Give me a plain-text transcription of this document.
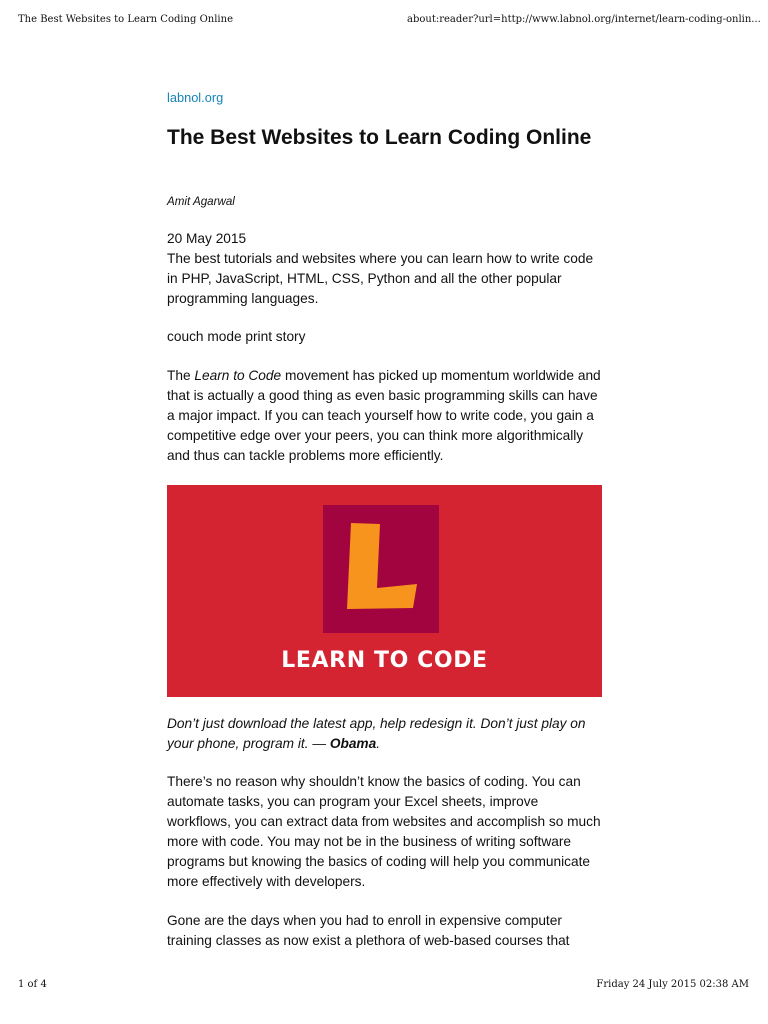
The Best Websites to Learn Coding Online	about:reader?url=http://www.labnol.org/internet/learn-coding-onlin...
labnol.org
The Best Websites to Learn Coding Online
Amit Agarwal

20 May 2015

The best tutorials and websites where you can learn how to write code in PHP, JavaScript, HTML, CSS, Python and all the other popular programming languages.

couch mode print story

The Learn to Code movement has picked up momentum worldwide and that is actually a good thing as even basic programming skills can have a major impact. If you can teach yourself how to write code, you gain a competitive edge over your peers, you can think more algorithmically and thus can tackle problems more efficiently.

LEARN TO CODE

Don’t just download the latest app, help redesign it. Don’t just play on your phone, program it. — Obama.

There’s no reason why shouldn’t know the basics of coding. You can automate tasks, you can program your Excel sheets, improve workflows, you can extract data from websites and accomplish so much more with code. You may not be in the business of writing software programs but knowing the basics of coding will help you communicate more effectively with developers.

Gone are the days when you had to enroll in expensive computer training classes as now exist a plethora of web-based courses that

1 of 4	Friday 24 July 2015 02:38 AM
